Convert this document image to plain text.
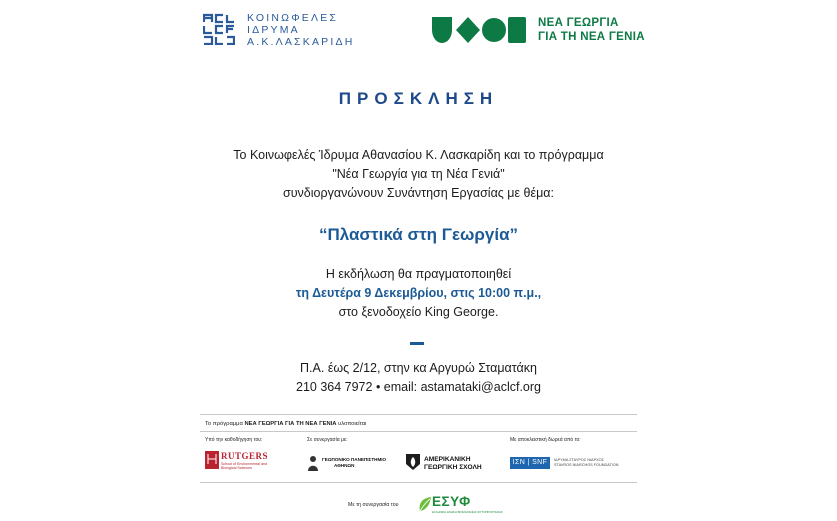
ΚΟΙΝΩΦΕΛΕΣ
ΙΔΡΥΜΑ
Α.Κ.ΛΑΣΚΑΡΙΔΗ
ΝΕΑ ΓΕΩΡΓΙΑ
ΓΙΑ ΤΗ ΝΕΑ ΓΕΝΙΑ
ΠΡΟΣΚΛΗΣΗ
Το Κοινωφελές Ίδρυμα Αθανασίου Κ. Λασκαρίδη και το πρόγραμμα
"Νέα Γεωργία για τη Νέα Γενιά"
συνδιοργανώνουν Συνάντηση Εργασίας με θέμα:
“Πλαστικά στη Γεωργία”
Η εκδήλωση θα πραγματοποιηθεί
τη Δευτέρα 9 Δεκεμβρίου, στις 10:00 π.μ.,
στο ξενοδοχείο King George.
Π.Α. έως 2/12, στην κα Αργυρώ Σταματάκη
210 364 7972 • email: astamataki@aclcf.org
Το πρόγραμμα ΝΕΑ ΓΕΩΡΓΙΑ ΓΙΑ ΤΗ ΝΕΑ ΓΕΝΙΑ υλοποιείται
Υπό την καθοδήγηση του:	Σε συνεργασία με:	Με αποκλειστική δωρεά από το:
RUTGERS
School of Environmental and Biological Sciences
ΓΕΩΠΟΝΙΚΟ ΠΑΝΕΠΙΣΤΗΜΙΟ
ΑΘΗΝΩΝ
ΑΜΕΡΙΚΑΝΙΚΗ
ΓΕΩΡΓΙΚΗ ΣΧΟΛΗ
ΙΣΝ | SNF	ΙΔΡΥΜΑ ΣΤΑΥΡΟΣ ΝΙΑΡΧΟΣ
STAVROS NIARCHOS FOUNDATION
Με τη συνεργασία του ΕΣΥΦ
ΕΛΛΗΝΙΚΗ ΕΝΩΣΗ ΒΙΟΜΗΧΑΝΙΑΣ ΦΥΤΟΠΡΟΣΤΑΣΙΑΣ
